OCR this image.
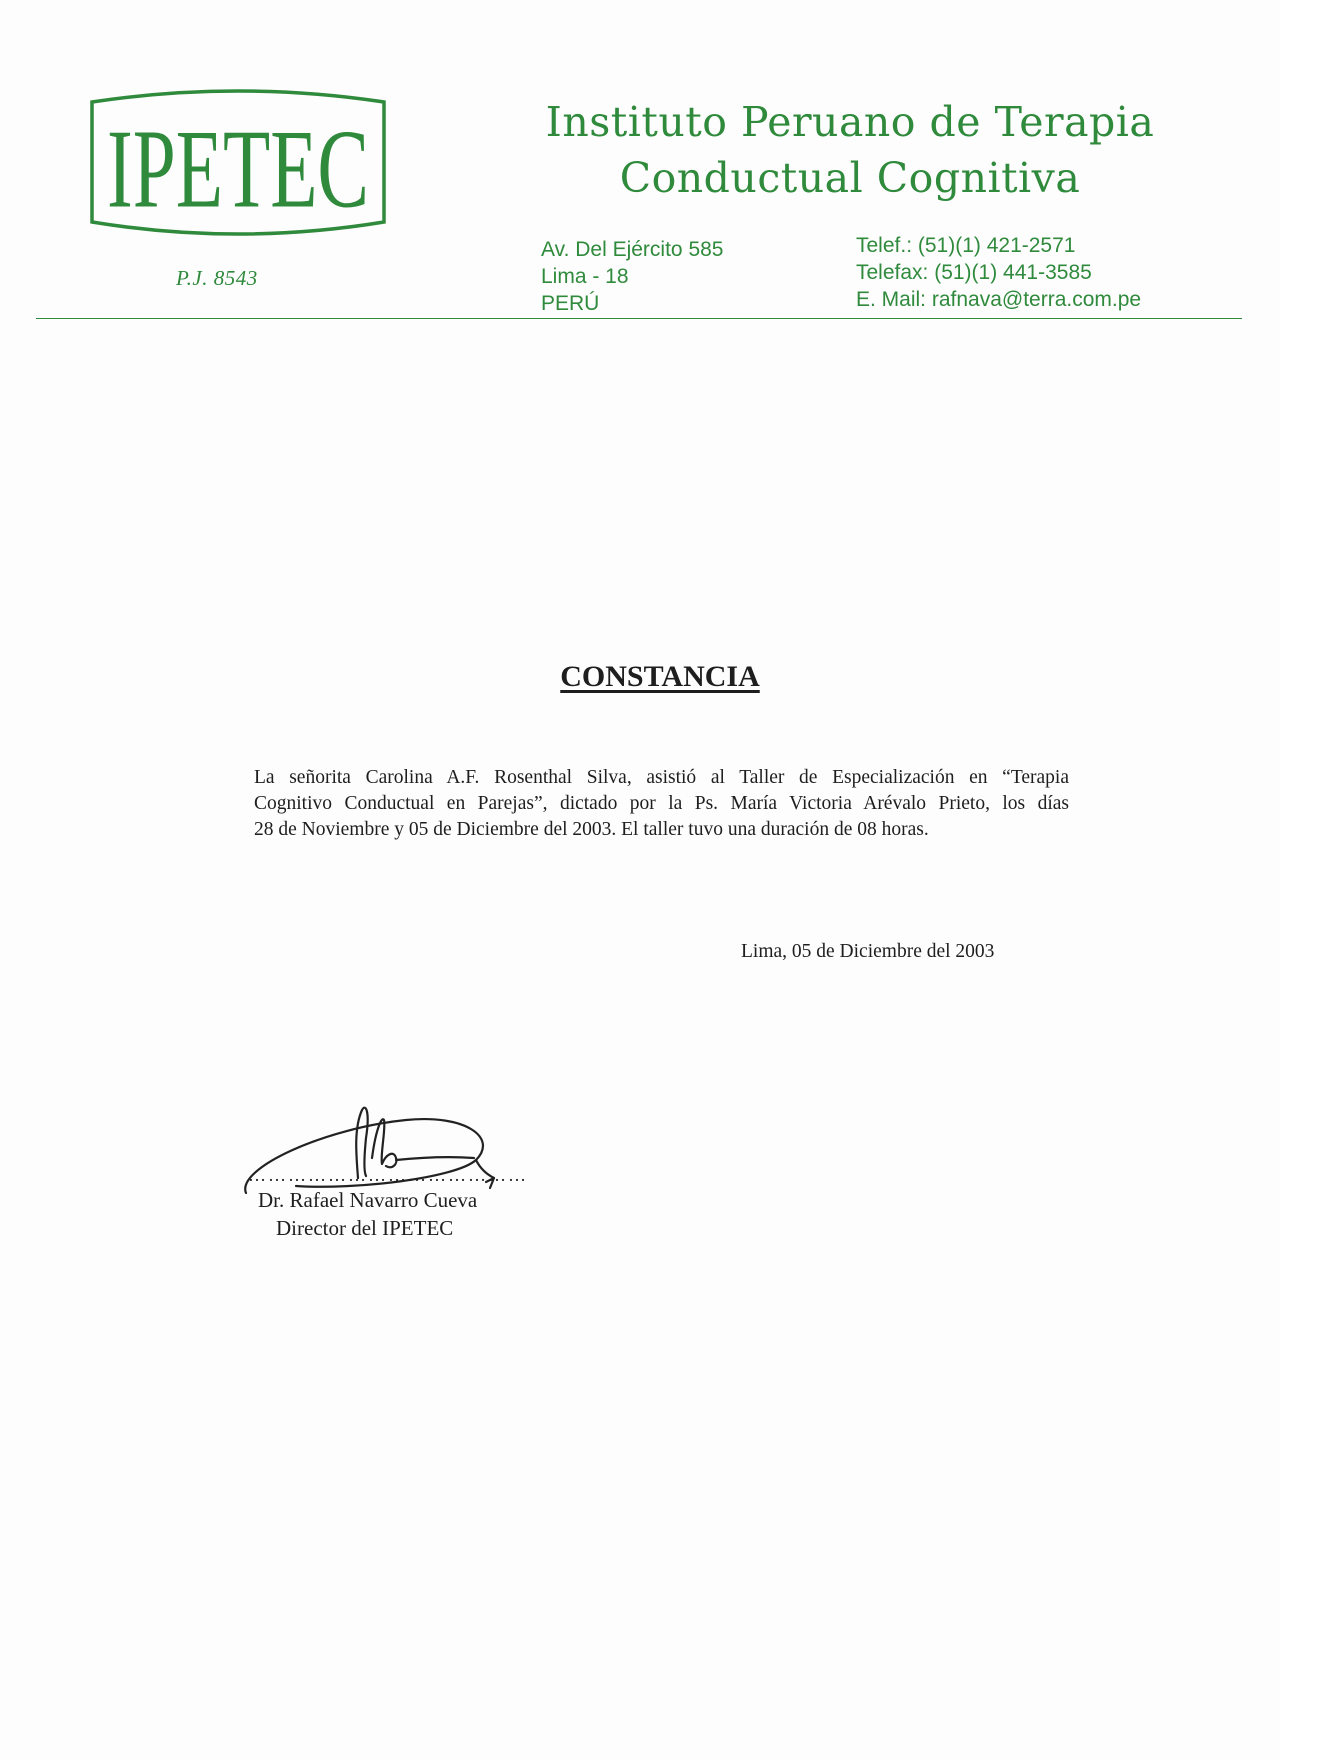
IPETEC
P.J. 8543
Instituto Peruano de Terapia
Conductual Cognitiva
Av. Del Ejército 585
Lima - 18
PERÚ
Telef.: (51)(1) 421-2571
Telefax: (51)(1) 441-3585
E. Mail: rafnava@terra.com.pe
CONSTANCIA
La señorita Carolina A.F. Rosenthal Silva, asistió al Taller de Especialización en “Terapia
Cognitivo Conductual en Parejas”, dictado por la Ps. María Victoria Arévalo Prieto, los días
28 de Noviembre y 05 de Diciembre del 2003. El taller tuvo una duración de 08 horas.
Lima, 05 de Diciembre del 2003
……………………………………
Dr. Rafael Navarro Cueva
Director del IPETEC
